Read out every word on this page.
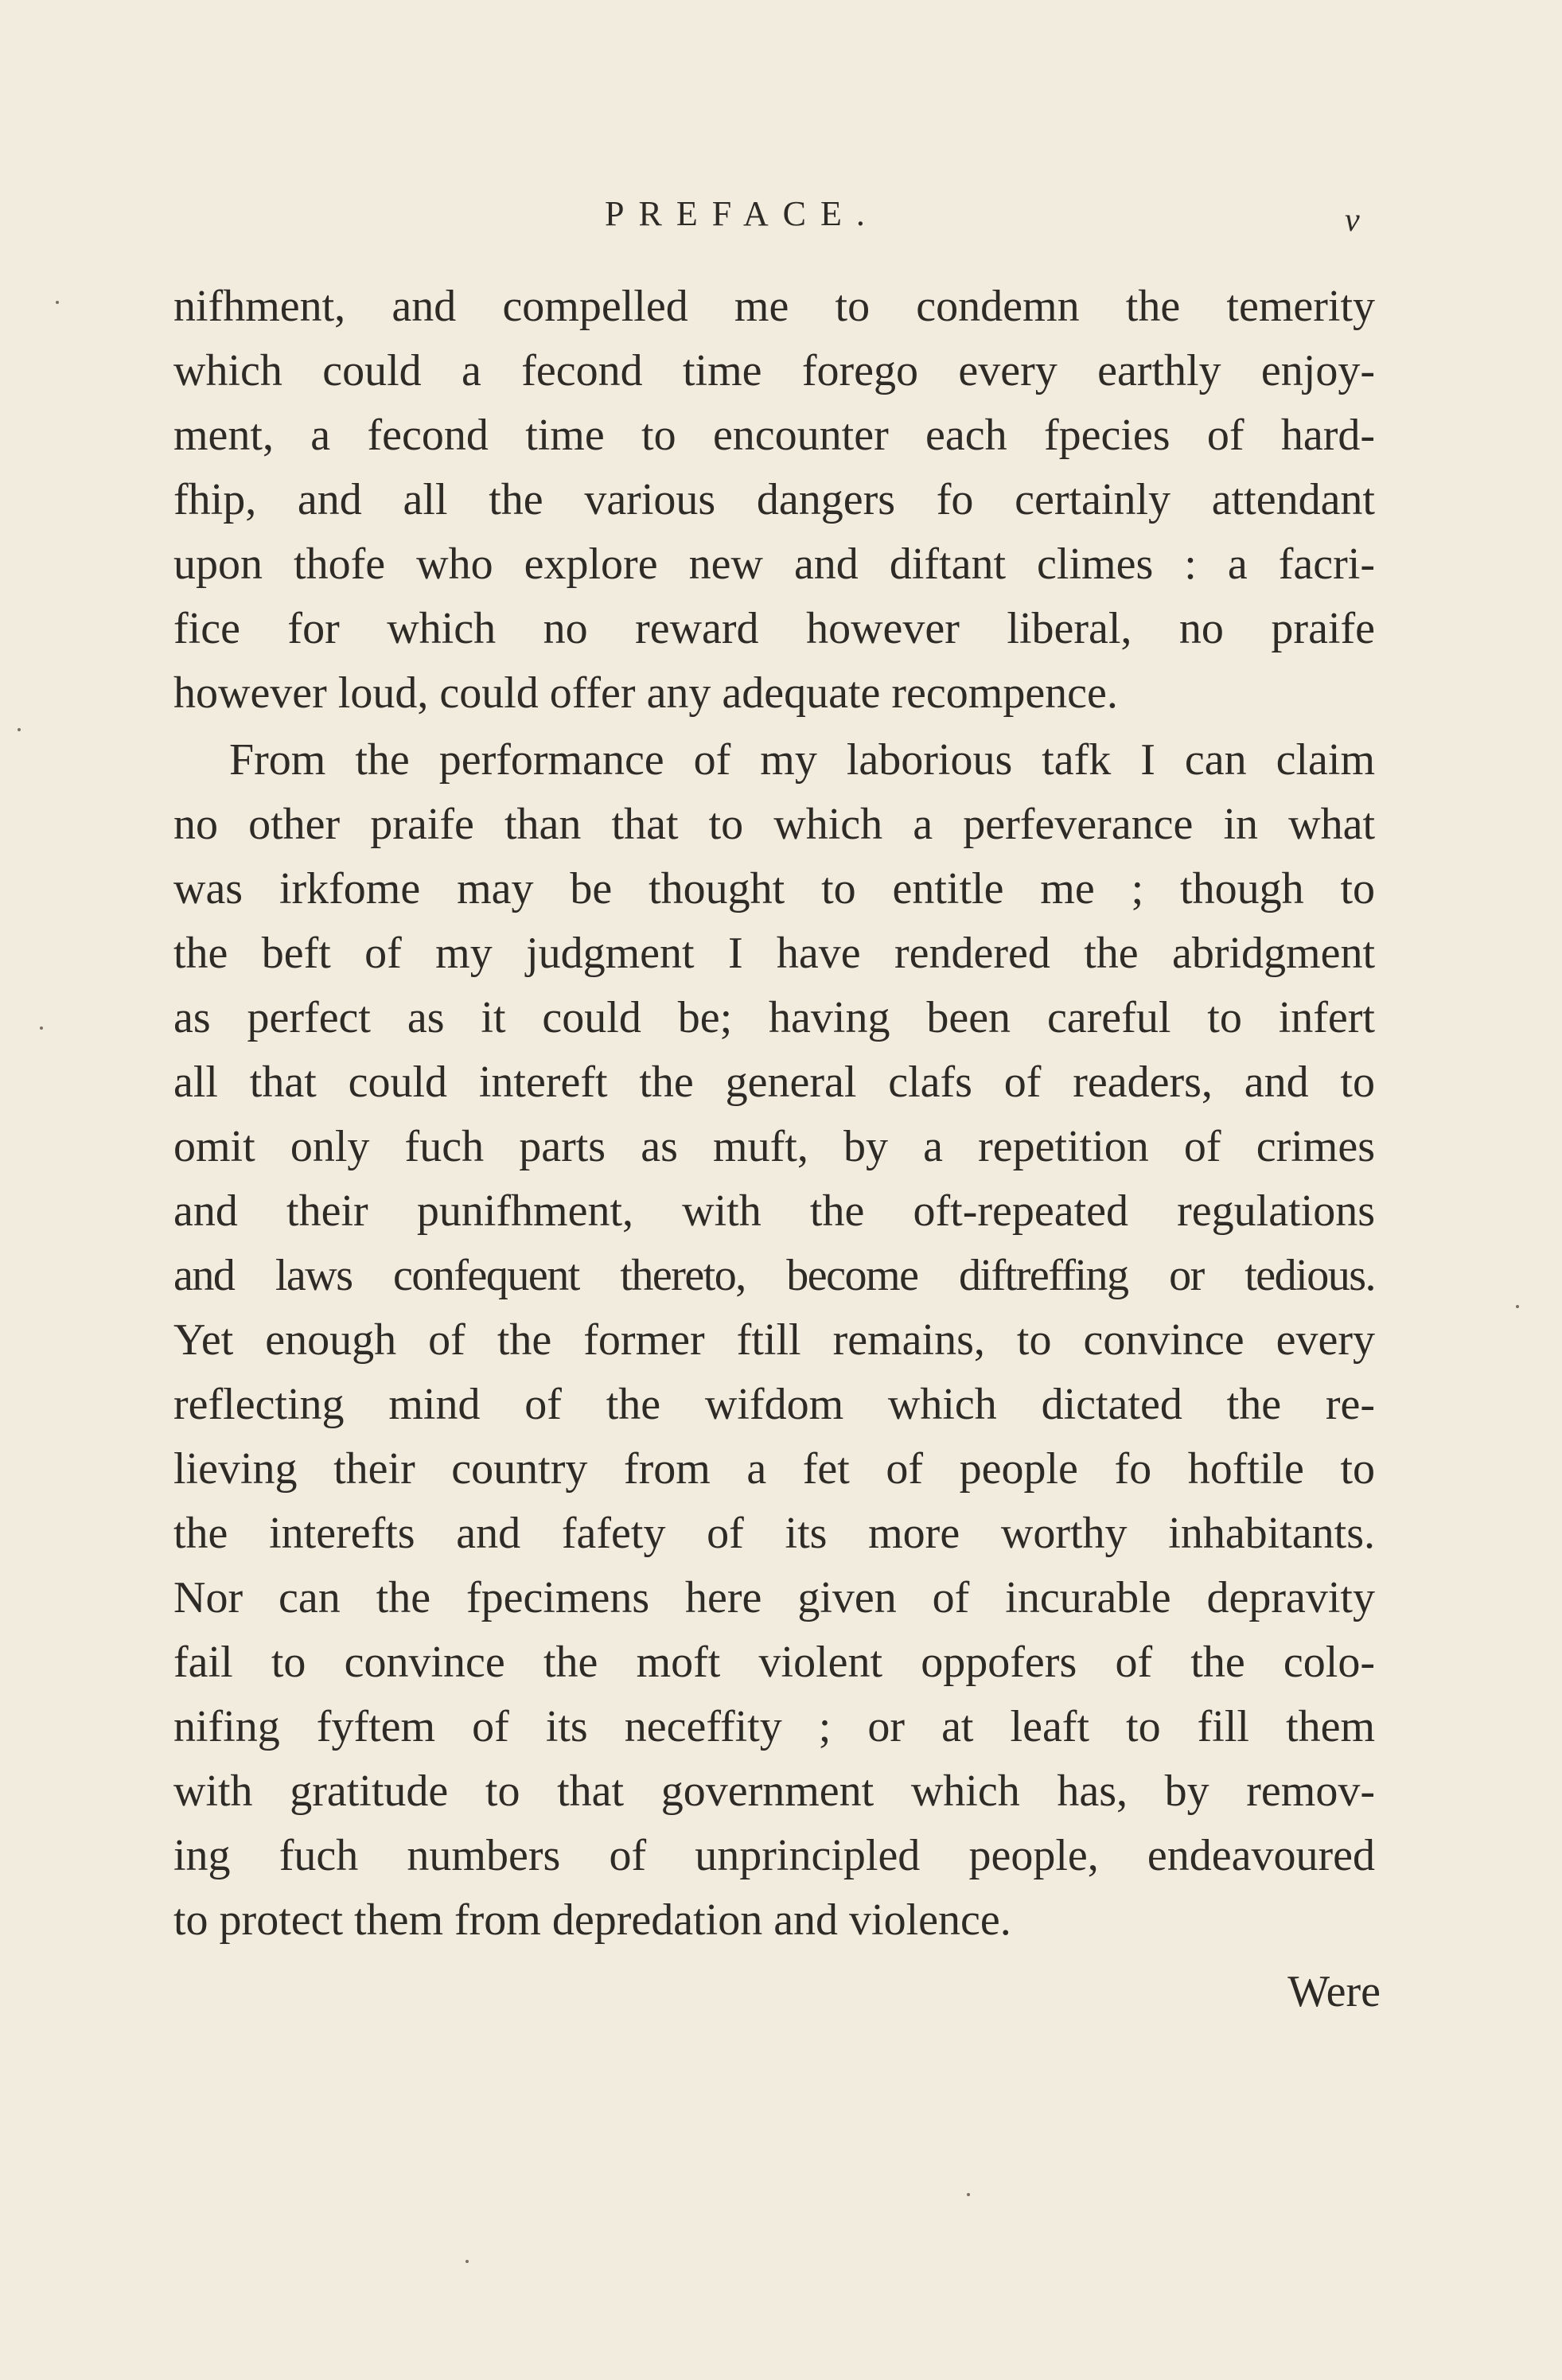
PREFACE.	v
nifhment, and compelled me to condemn the temerity
which could a fecond time forego every earthly enjoy-
ment, a fecond time to encounter each fpecies of hard-
fhip, and all the various dangers fo certainly attendant
upon thofe who explore new and diftant climes : a facri-
fice for which no reward however liberal, no praife
however loud, could offer any adequate recompence.
From the performance of my laborious tafk I can claim
no other praife than that to which a perfeverance in what
was irkfome may be thought to entitle me ; though to
the beft of my judgment I have rendered the abridgment
as perfect as it could be; having been careful to infert
all that could intereft the general clafs of readers, and to
omit only fuch parts as muft, by a repetition of crimes
and their punifhment, with the oft-repeated regulations
and laws confequent thereto, become diftreffing or tedious.
Yet enough of the former ftill remains, to convince every
reflecting mind of the wifdom which dictated the re-
lieving their country from a fet of people fo hoftile to
the interefts and fafety of its more worthy inhabitants.
Nor can the fpecimens here given of incurable depravity
fail to convince the moft violent oppofers of the colo-
nifing fyftem of its neceffity ; or at leaft to fill them
with gratitude to that government which has, by remov-
ing fuch numbers of unprincipled people, endeavoured
to protect them from depredation and violence.
Were
